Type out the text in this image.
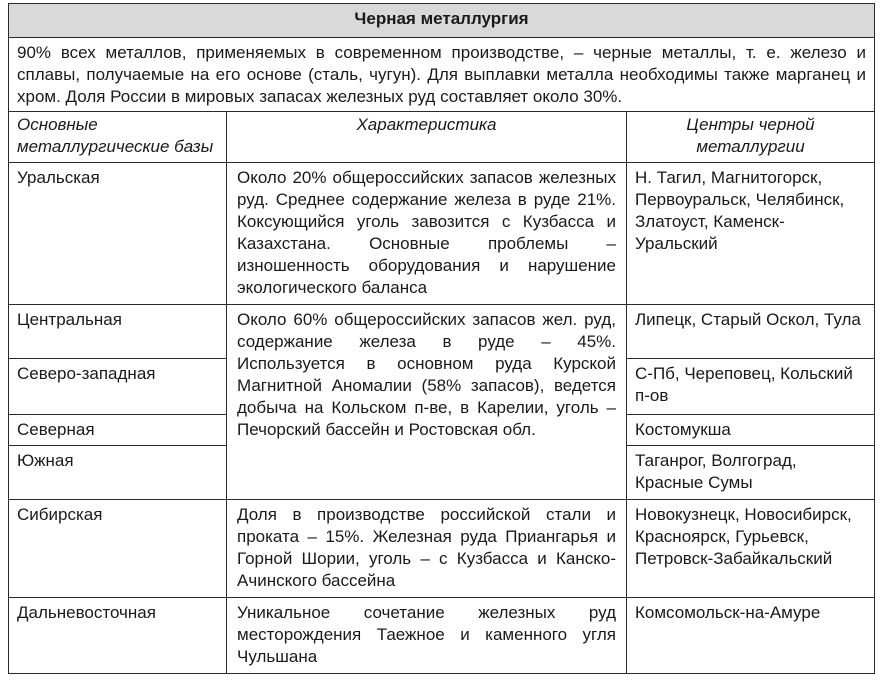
Черная металлургия		
90% всех металлов, применяемых в современном производстве, – черные металлы, т. е. железо и сплавы, получаемые на его основе (сталь, чугун). Для выплавки металла необходимы также марганец и хром. Доля России в мировых запасах железных руд составляет около 30%.		
Основные металлургические базы	Характеристика	Центры черной металлургии
Уральская	Около 20% общероссийских запасов железных руд. Среднее содержание железа в руде 21%. Коксующийся уголь завозится с Кузбасса и Казахстана. Основные проблемы – изношенность оборудования и нарушение экологического баланса	Н. Тагил, Магнитогорск, Первоуральск, Челябинск, Златоуст, Каменск-Уральский
Центральная	Около 60% общероссийских запасов жел. руд, содержание железа в руде – 45%. Используется в основном руда Курской Магнитной Аномалии (58% запасов), ведется добыча на Кольском п-ве, в Карелии, уголь – Печорский бассейн и Ростовская обл.	Липецк, Старый Оскол, Тула
Северо-западная		С-Пб, Череповец, Кольский п-ов
Северная		Костомукша
Южная		Таганрог, Волгоград, Красные Сумы
Сибирская	Доля в производстве российской стали и проката – 15%. Железная руда Приангарья и Горной Шории, уголь – с Кузбасса и Канско-Ачинского бассейна	Новокузнецк, Новосибирск, Красноярск, Гурьевск, Петровск-Забайкальский
Дальневосточная	Уникальное сочетание железных руд месторождения Таежное и каменного угля Чульшана	Комсомольск-на-Амуре
